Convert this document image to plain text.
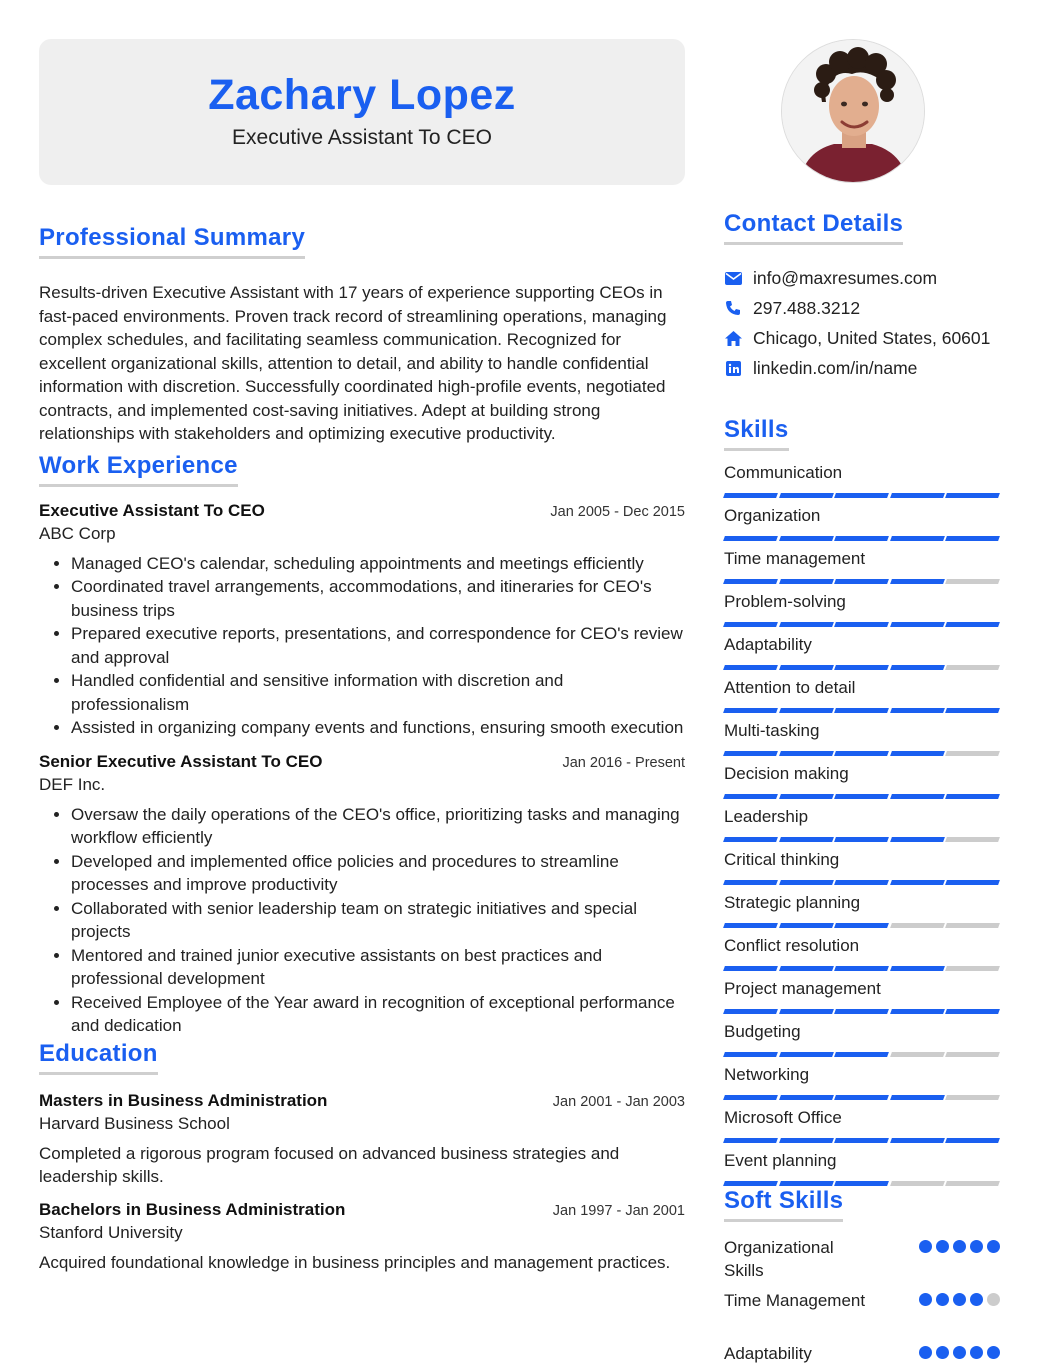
Zachary Lopez
Executive Assistant To CEO
Professional Summary
Results-driven Executive Assistant with 17 years of experience supporting CEOs in fast-paced environments. Proven track record of streamlining operations, managing complex schedules, and facilitating seamless communication. Recognized for excellent organizational skills, attention to detail, and ability to handle confidential information with discretion. Successfully coordinated high-profile events, negotiated contracts, and implemented cost-saving initiatives. Adept at building strong relationships with stakeholders and optimizing executive productivity.
Work Experience
Executive Assistant To CEO	Jan 2005 - Dec 2015
ABC Corp
• Managed CEO's calendar, scheduling appointments and meetings efficiently
• Coordinated travel arrangements, accommodations, and itineraries for CEO's business trips
• Prepared executive reports, presentations, and correspondence for CEO's review and approval
• Handled confidential and sensitive information with discretion and professionalism
• Assisted in organizing company events and functions, ensuring smooth execution
Senior Executive Assistant To CEO	Jan 2016 - Present
DEF Inc.
• Oversaw the daily operations of the CEO's office, prioritizing tasks and managing workflow efficiently
• Developed and implemented office policies and procedures to streamline processes and improve productivity
• Collaborated with senior leadership team on strategic initiatives and special projects
• Mentored and trained junior executive assistants on best practices and professional development
• Received Employee of the Year award in recognition of exceptional performance and dedication
Education
Masters in Business Administration	Jan 2001 - Jan 2003
Harvard Business School
Completed a rigorous program focused on advanced business strategies and leadership skills.
Bachelors in Business Administration	Jan 1997 - Jan 2001
Stanford University
Acquired foundational knowledge in business principles and management practices.
Contact Details
info@maxresumes.com
297.488.3212
Chicago, United States, 60601
linkedin.com/in/name
Skills
Communication
Organization
Time management
Problem-solving
Adaptability
Attention to detail
Multi-tasking
Decision making
Leadership
Critical thinking
Strategic planning
Conflict resolution
Project management
Budgeting
Networking
Microsoft Office
Event planning
Soft Skills
Organizational Skills
Time Management
Adaptability
